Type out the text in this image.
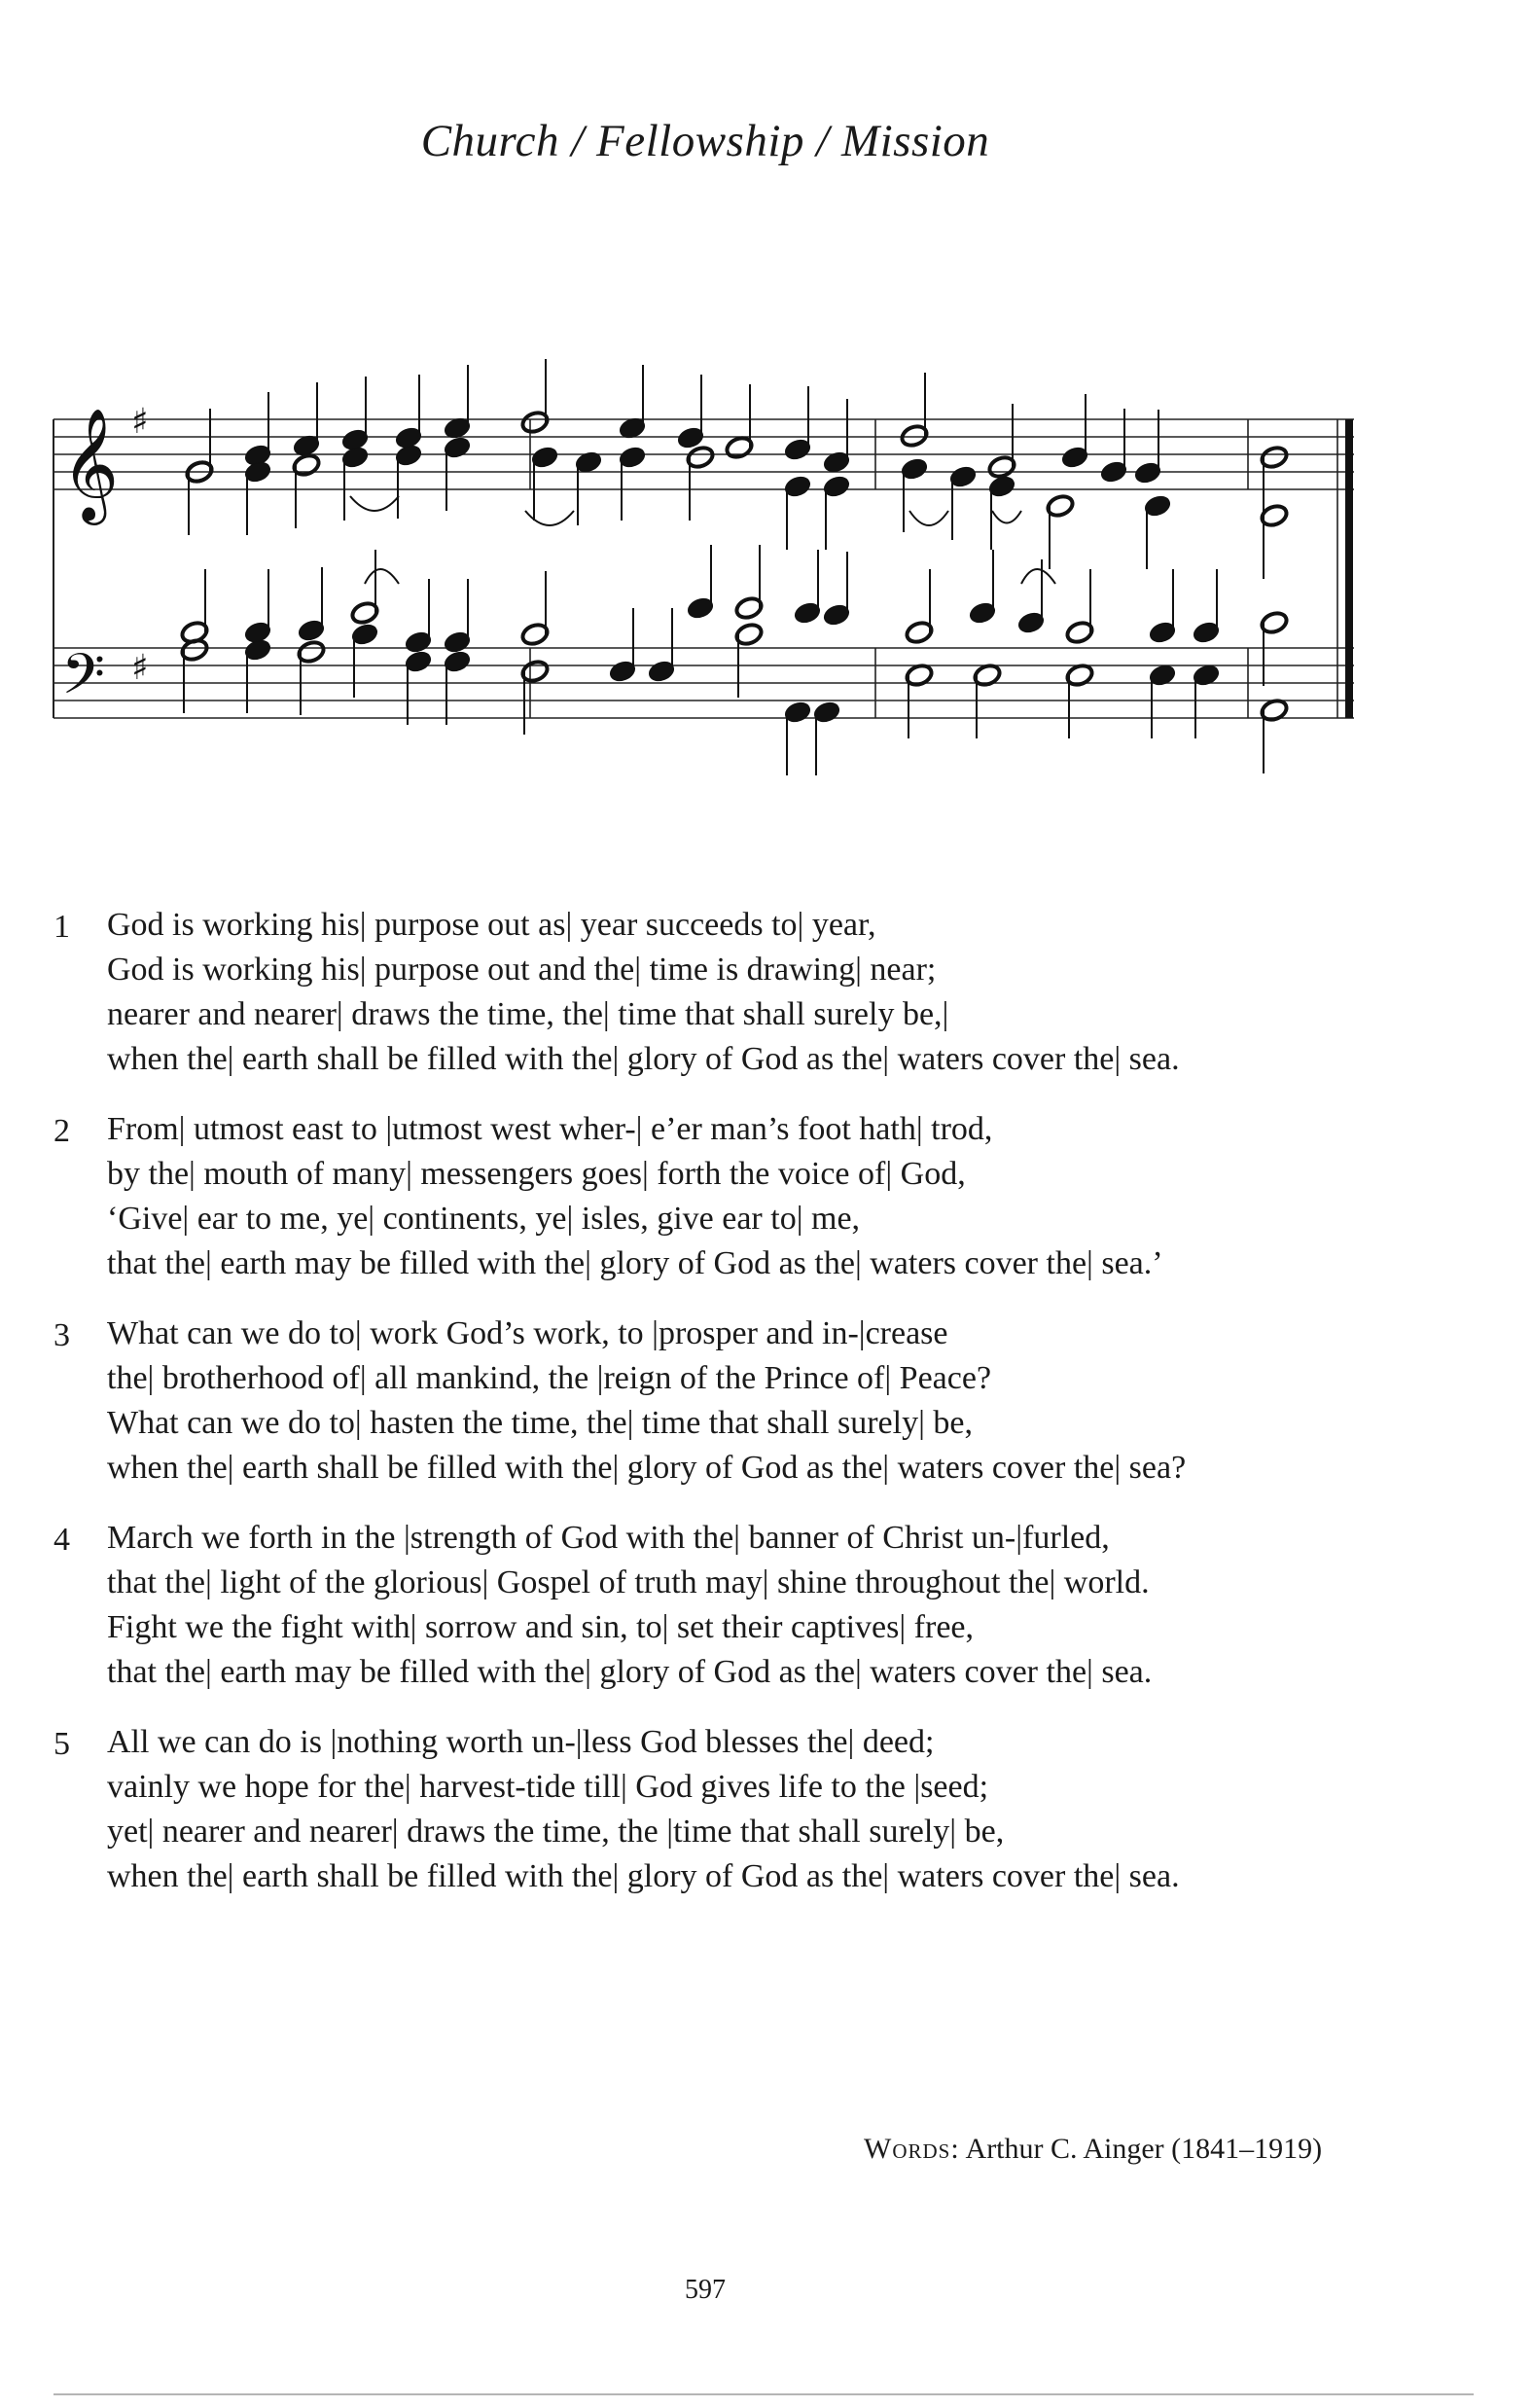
Church / Fellowship / Mission
𝄞
𝄢
♯
♯
1 God is working his| purpose out as| year succeeds to| year,
God is working his| purpose out and the| time is drawing| near;
nearer and nearer| draws the time, the| time that shall surely be,|
when the| earth shall be filled with the| glory of God as the| waters cover the| sea.
2 From| utmost east to |utmost west wher-| e’er man’s foot hath| trod,
by the| mouth of many| messengers goes| forth the voice of| God,
‘Give| ear to me, ye| continents, ye| isles, give ear to| me,
that the| earth may be filled with the| glory of God as the| waters cover the| sea.’
3 What can we do to| work God’s work, to |prosper and in-|crease
the| brotherhood of| all mankind, the |reign of the Prince of| Peace?
What can we do to| hasten the time, the| time that shall surely| be,
when the| earth shall be filled with the| glory of God as the| waters cover the| sea?
4 March we forth in the |strength of God with the| banner of Christ un-|furled,
that the| light of the glorious| Gospel of truth may| shine throughout the| world.
Fight we the fight with| sorrow and sin, to| set their captives| free,
that the| earth may be filled with the| glory of God as the| waters cover the| sea.
5 All we can do is |nothing worth un-|less God blesses the| deed;
vainly we hope for the| harvest-tide till| God gives life to the |seed;
yet| nearer and nearer| draws the time, the |time that shall surely| be,
when the| earth shall be filled with the| glory of God as the| waters cover the| sea.
Words: Arthur C. Ainger (1841–1919)
597
